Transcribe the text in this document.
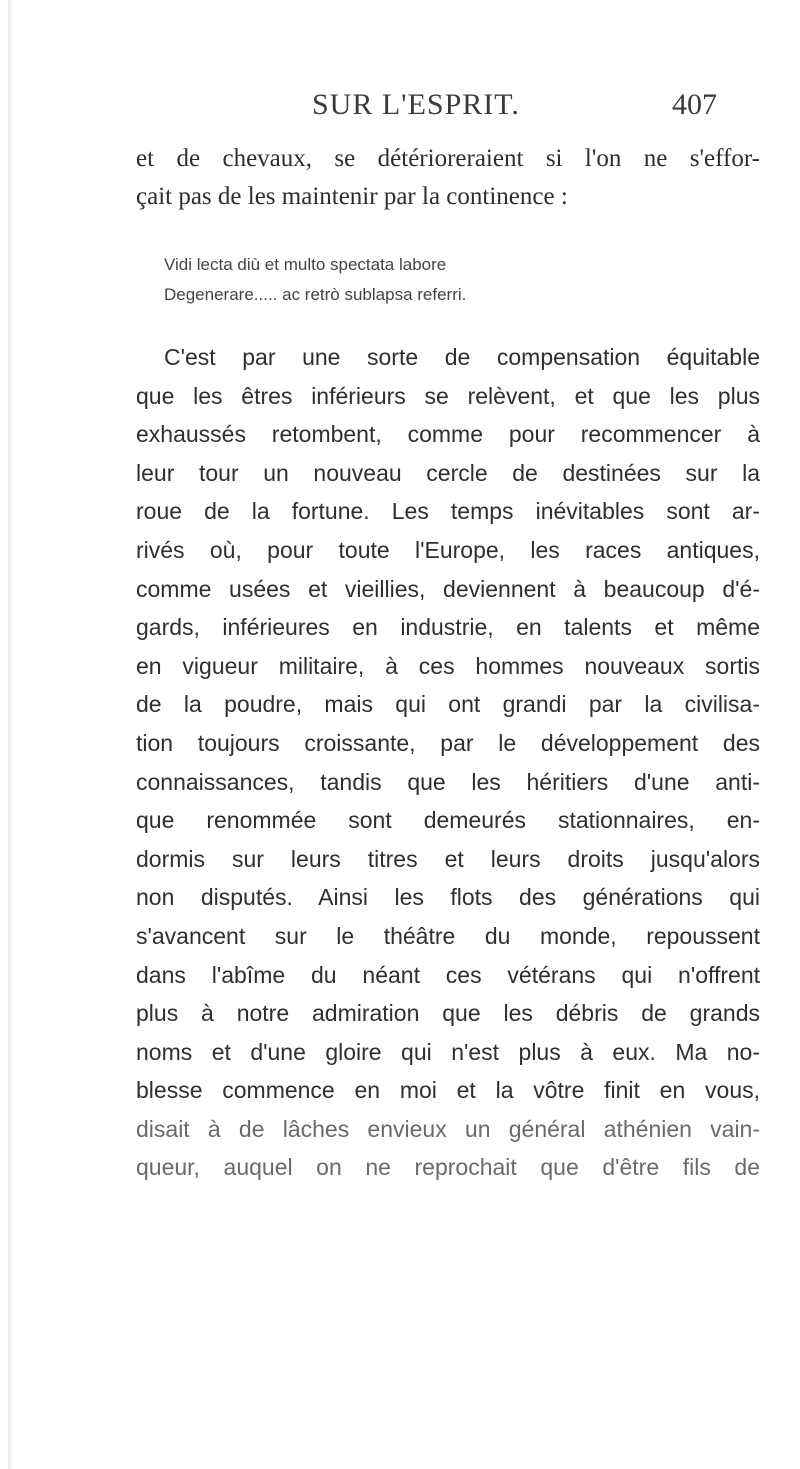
SUR L'ESPRIT.	407
et de chevaux, se détérioreraient si l'on ne s'effor-
çait pas de les maintenir par la continence :
Vidi lecta diù et multo spectata labore
Degenerare..... ac retrò sublapsa referri.
C'est par une sorte de compensation équitable
que les êtres inférieurs se relèvent, et que les plus
exhaussés retombent, comme pour recommencer à
leur tour un nouveau cercle de destinées sur la
roue de la fortune. Les temps inévitables sont ar-
rivés où, pour toute l'Europe, les races antiques,
comme usées et vieillies, deviennent à beaucoup d'é-
gards, inférieures en industrie, en talents et même
en vigueur militaire, à ces hommes nouveaux sortis
de la poudre, mais qui ont grandi par la civilisa-
tion toujours croissante, par le développement des
connaissances, tandis que les héritiers d'une anti-
que renommée sont demeurés stationnaires, en-
dormis sur leurs titres et leurs droits jusqu'alors
non disputés. Ainsi les flots des générations qui
s'avancent sur le théâtre du monde, repoussent
dans l'abîme du néant ces vétérans qui n'offrent
plus à notre admiration que les débris de grands
noms et d'une gloire qui n'est plus à eux. Ma no-
blesse commence en moi et la vôtre finit en vous,
disait à de lâches envieux un général athénien vain-
queur, auquel on ne reprochait que d'être fils de
